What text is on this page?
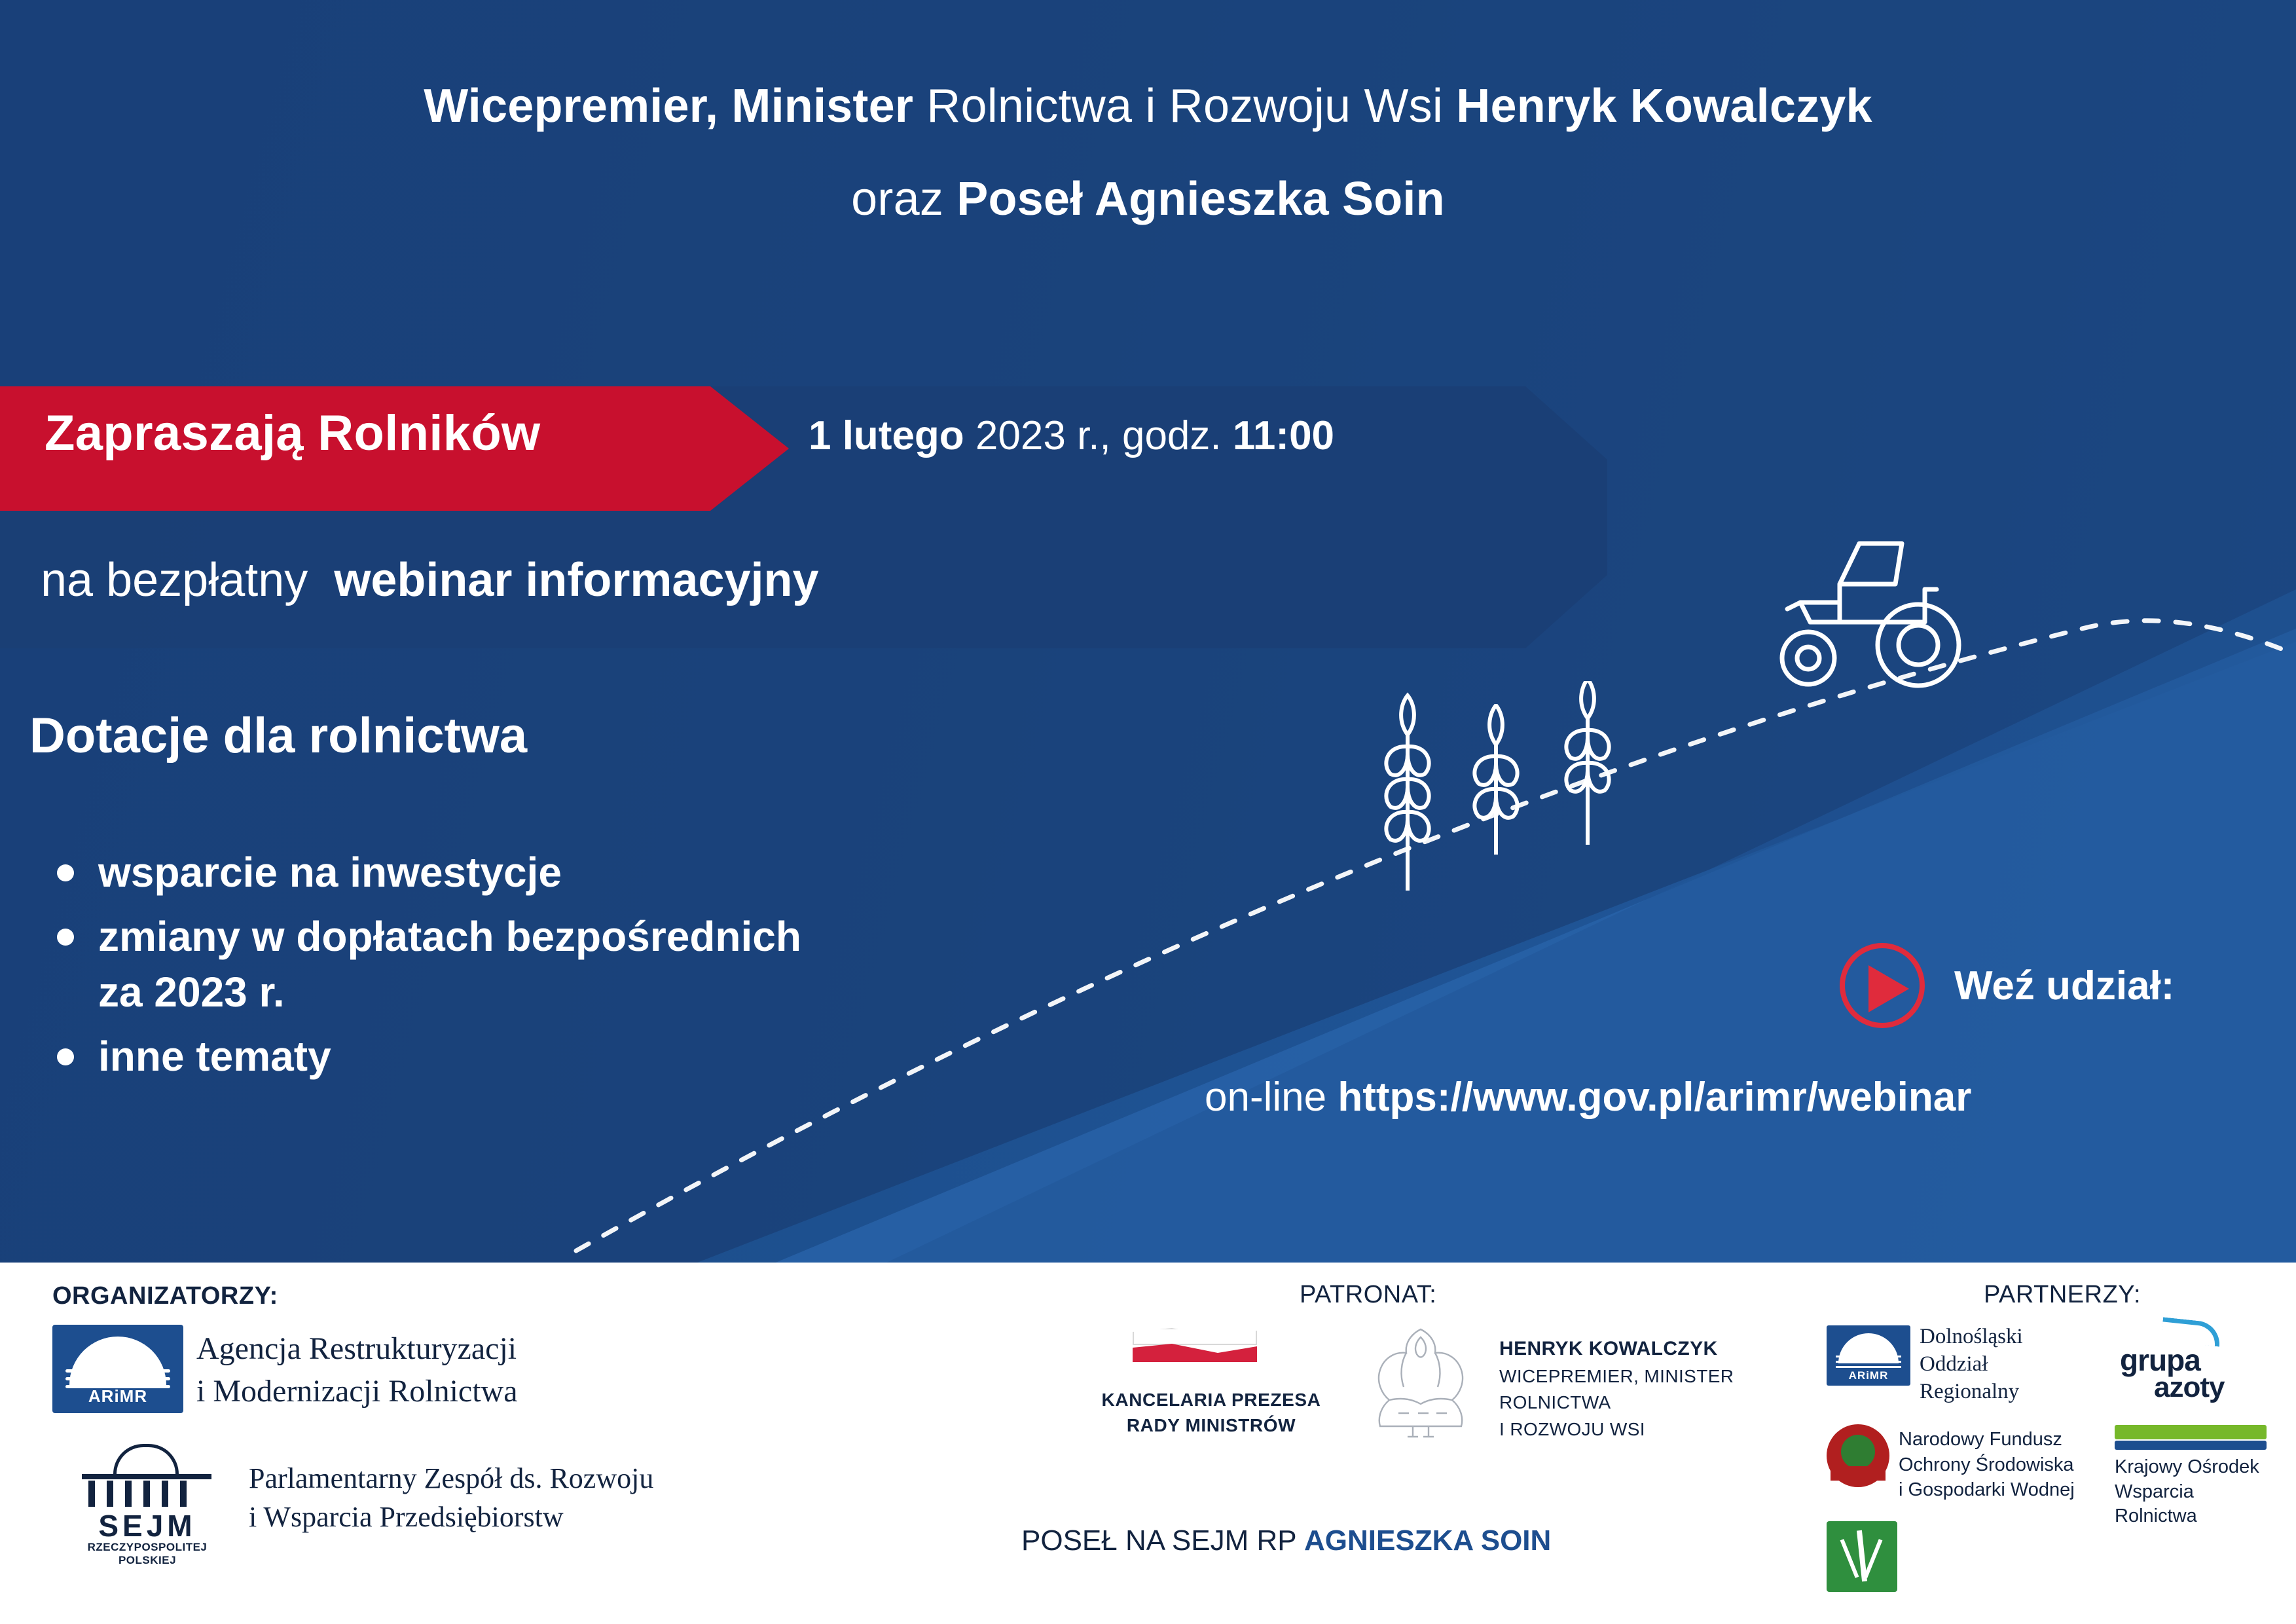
Wicepremier, Minister Rolnictwa i Rozwoju Wsi Henryk Kowalczyk
oraz Poseł Agnieszka Soin
Zapraszają Rolników	1 lutego 2023 r., godz. 11:00
na bezpłatny webinar informacyjny
Dotacje dla rolnictwa
wsparcie na inwestycje
zmiany w dopłatach bezpośrednich
za 2023 r.
inne tematy
Weź udział:
on-line https://www.gov.pl/arimr/webinar
ORGANIZATORZY:	PATRONAT:	PARTNERZY:
ARiMR
Agencja Restrukturyzacji
i Modernizacji Rolnictwa
SEJM
RZECZYPOSPOLITEJ POLSKIEJ
Parlamentarny Zespół ds. Rozwoju
i Wsparcia Przedsiębiorstw
KANCELARIA PREZESA
RADY MINISTRÓW
HENRYK KOWALCZYK
WICEPREMIER, MINISTER
ROLNICTWA
I ROZWOJU WSI
POSEŁ NA SEJM RP AGNIESZKA SOIN
ARiMR
Dolnośląski
Oddział
Regionalny
grupa
azoty
Narodowy Fundusz
Ochrony Środowiska
i Gospodarki Wodnej
Krajowy Ośrodek
Wsparcia Rolnictwa
